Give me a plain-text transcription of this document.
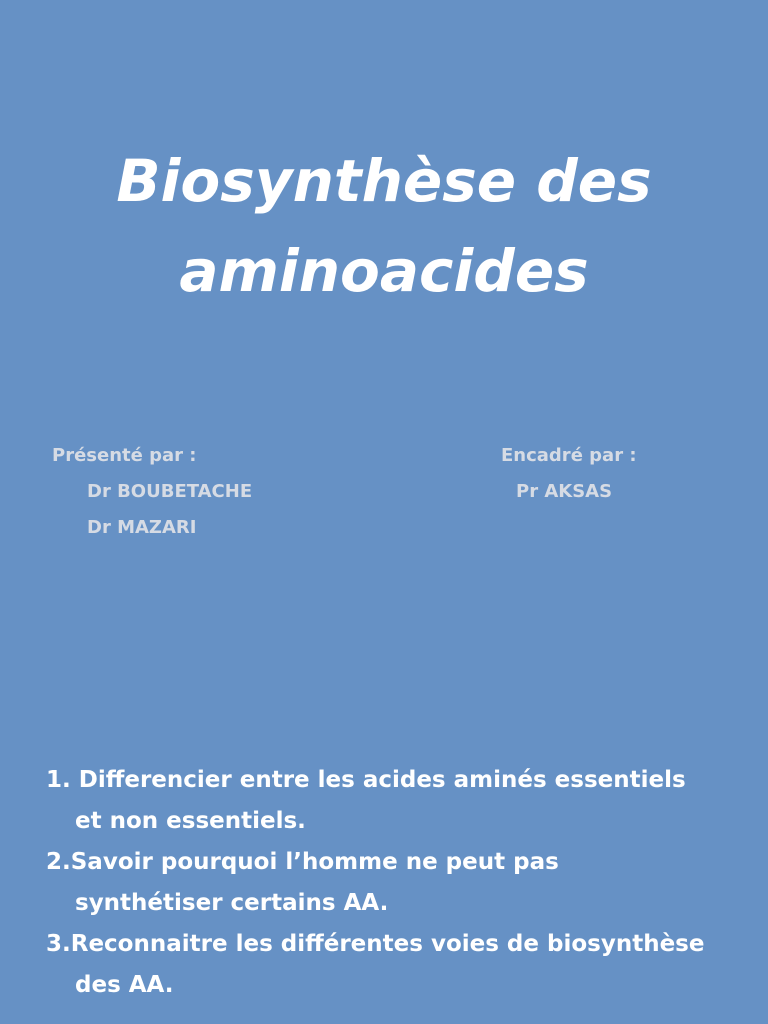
Biosynthèse des
aminoacides
Présenté par :
Dr BOUBETACHE
Dr MAZARI
Encadré par :
Pr AKSAS
1. Differencier entre les acides aminés essentiels
et non essentiels.
2.Savoir pourquoi l’homme ne peut pas
synthétiser certains AA.
3.Reconnaitre les différentes voies de biosynthèse
des AA.
